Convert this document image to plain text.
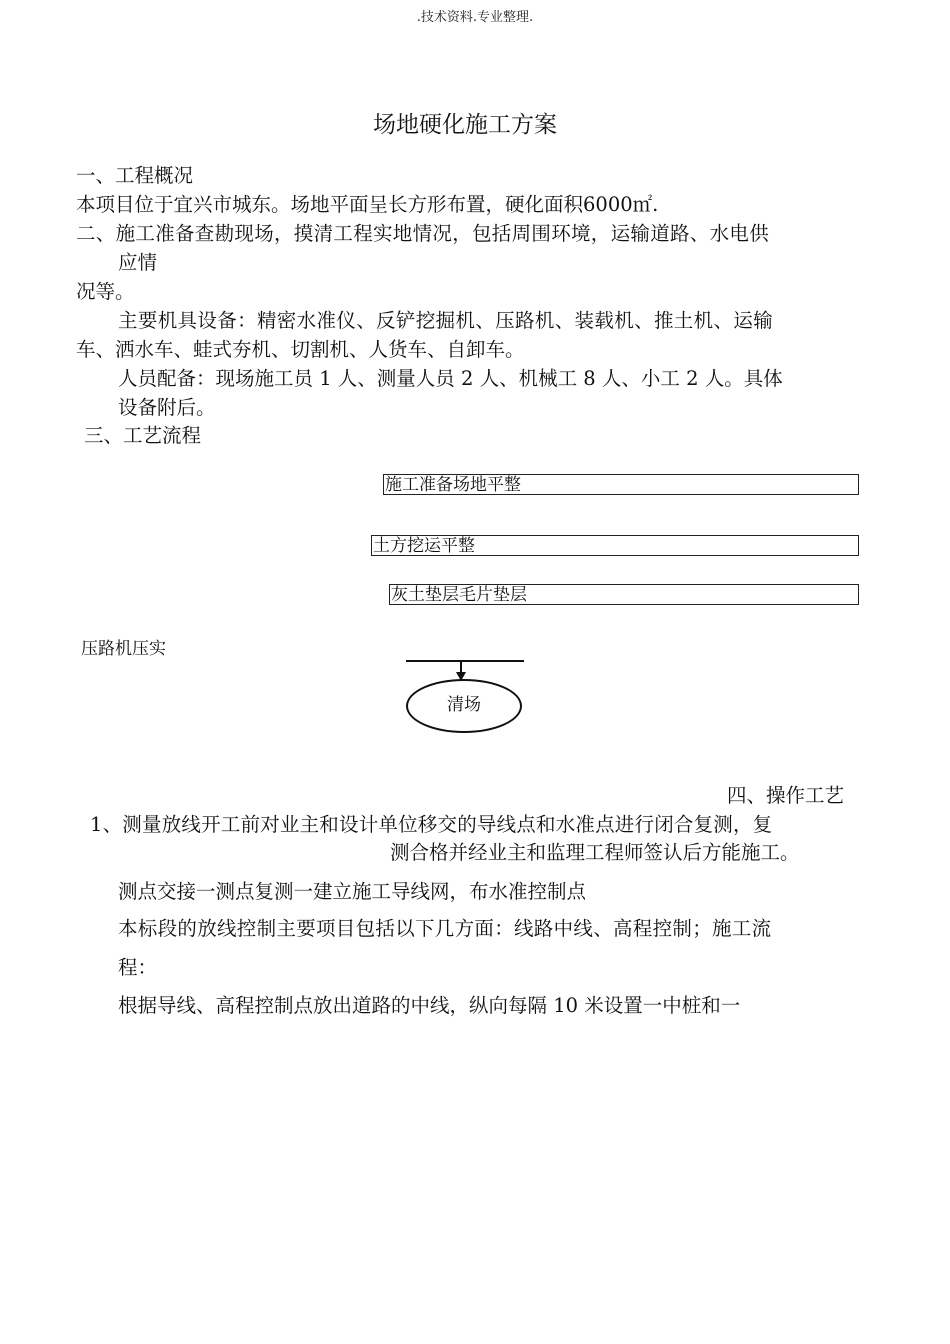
.技术资料.专业整理.
场地硬化施工方案
一、工程概况
本项目位于宜兴市城东。场地平面呈长方形布置，硬化面积6000㎡.
二、施工准备查勘现场，摸清工程实地情况，包括周围环境，运输道路、水电供
应情
况等。
主要机具设备：精密水准仪、反铲挖掘机、压路机、装载机、推土机、运输
车、洒水车、蛙式夯机、切割机、人货车、自卸车。
人员配备：现场施工员 1 人、测量人员 2 人、机械工 8 人、小工 2 人。具体
设备附后。
三、工艺流程
施工准备场地平整
土方挖运平整
灰土垫层毛片垫层
压路机压实
清场
四、操作工艺
1、测量放线开工前对业主和设计单位移交的导线点和水准点进行闭合复测，复
测合格并经业主和监理工程师签认后方能施工。
测点交接一测点复测一建立施工导线网，布水准控制点
本标段的放线控制主要项目包括以下几方面：线路中线、高程控制；施工流
程：
根据导线、高程控制点放出道路的中线，纵向每隔 10 米设置一中桩和一
